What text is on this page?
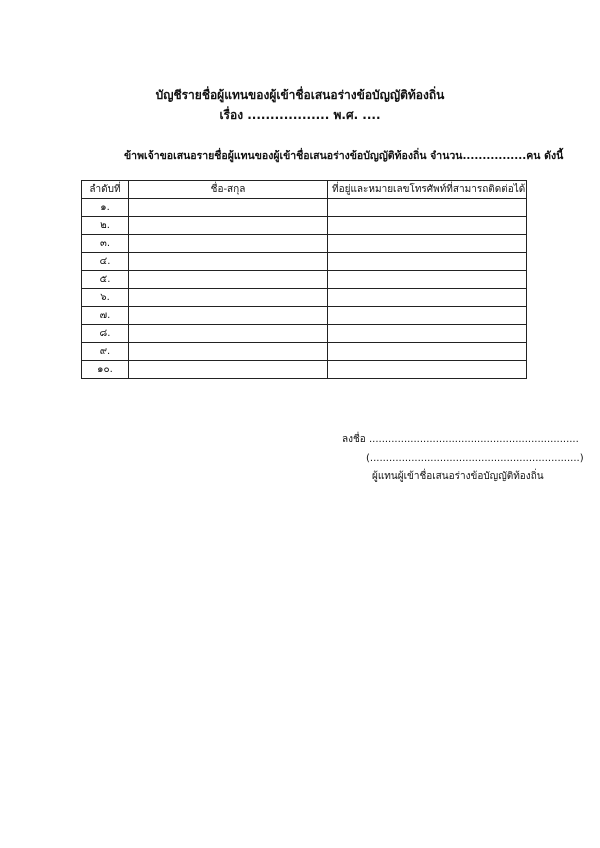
บัญชีรายชื่อผู้แทนของผู้เข้าชื่อเสนอร่างข้อบัญญัติท้องถิ่น
เรื่อง .................. พ.ศ. ....
ข้าพเจ้าขอเสนอรายชื่อผู้แทนของผู้เข้าชื่อเสนอร่างข้อบัญญัติท้องถิ่น จำนวน................คน ดังนี้
ลำดับที่	ชื่อ-สกุล	ที่อยู่และหมายเลขโทรศัพท์ที่สามารถติดต่อได้
๑.		
๒.		
๓.		
๔.		
๕.		
๖.		
๗.		
๘.		
๙.		
๑๐.		
ลงชื่อ ..................................................................
(..................................................................)
ผู้แทนผู้เข้าชื่อเสนอร่างข้อบัญญัติท้องถิ่น
